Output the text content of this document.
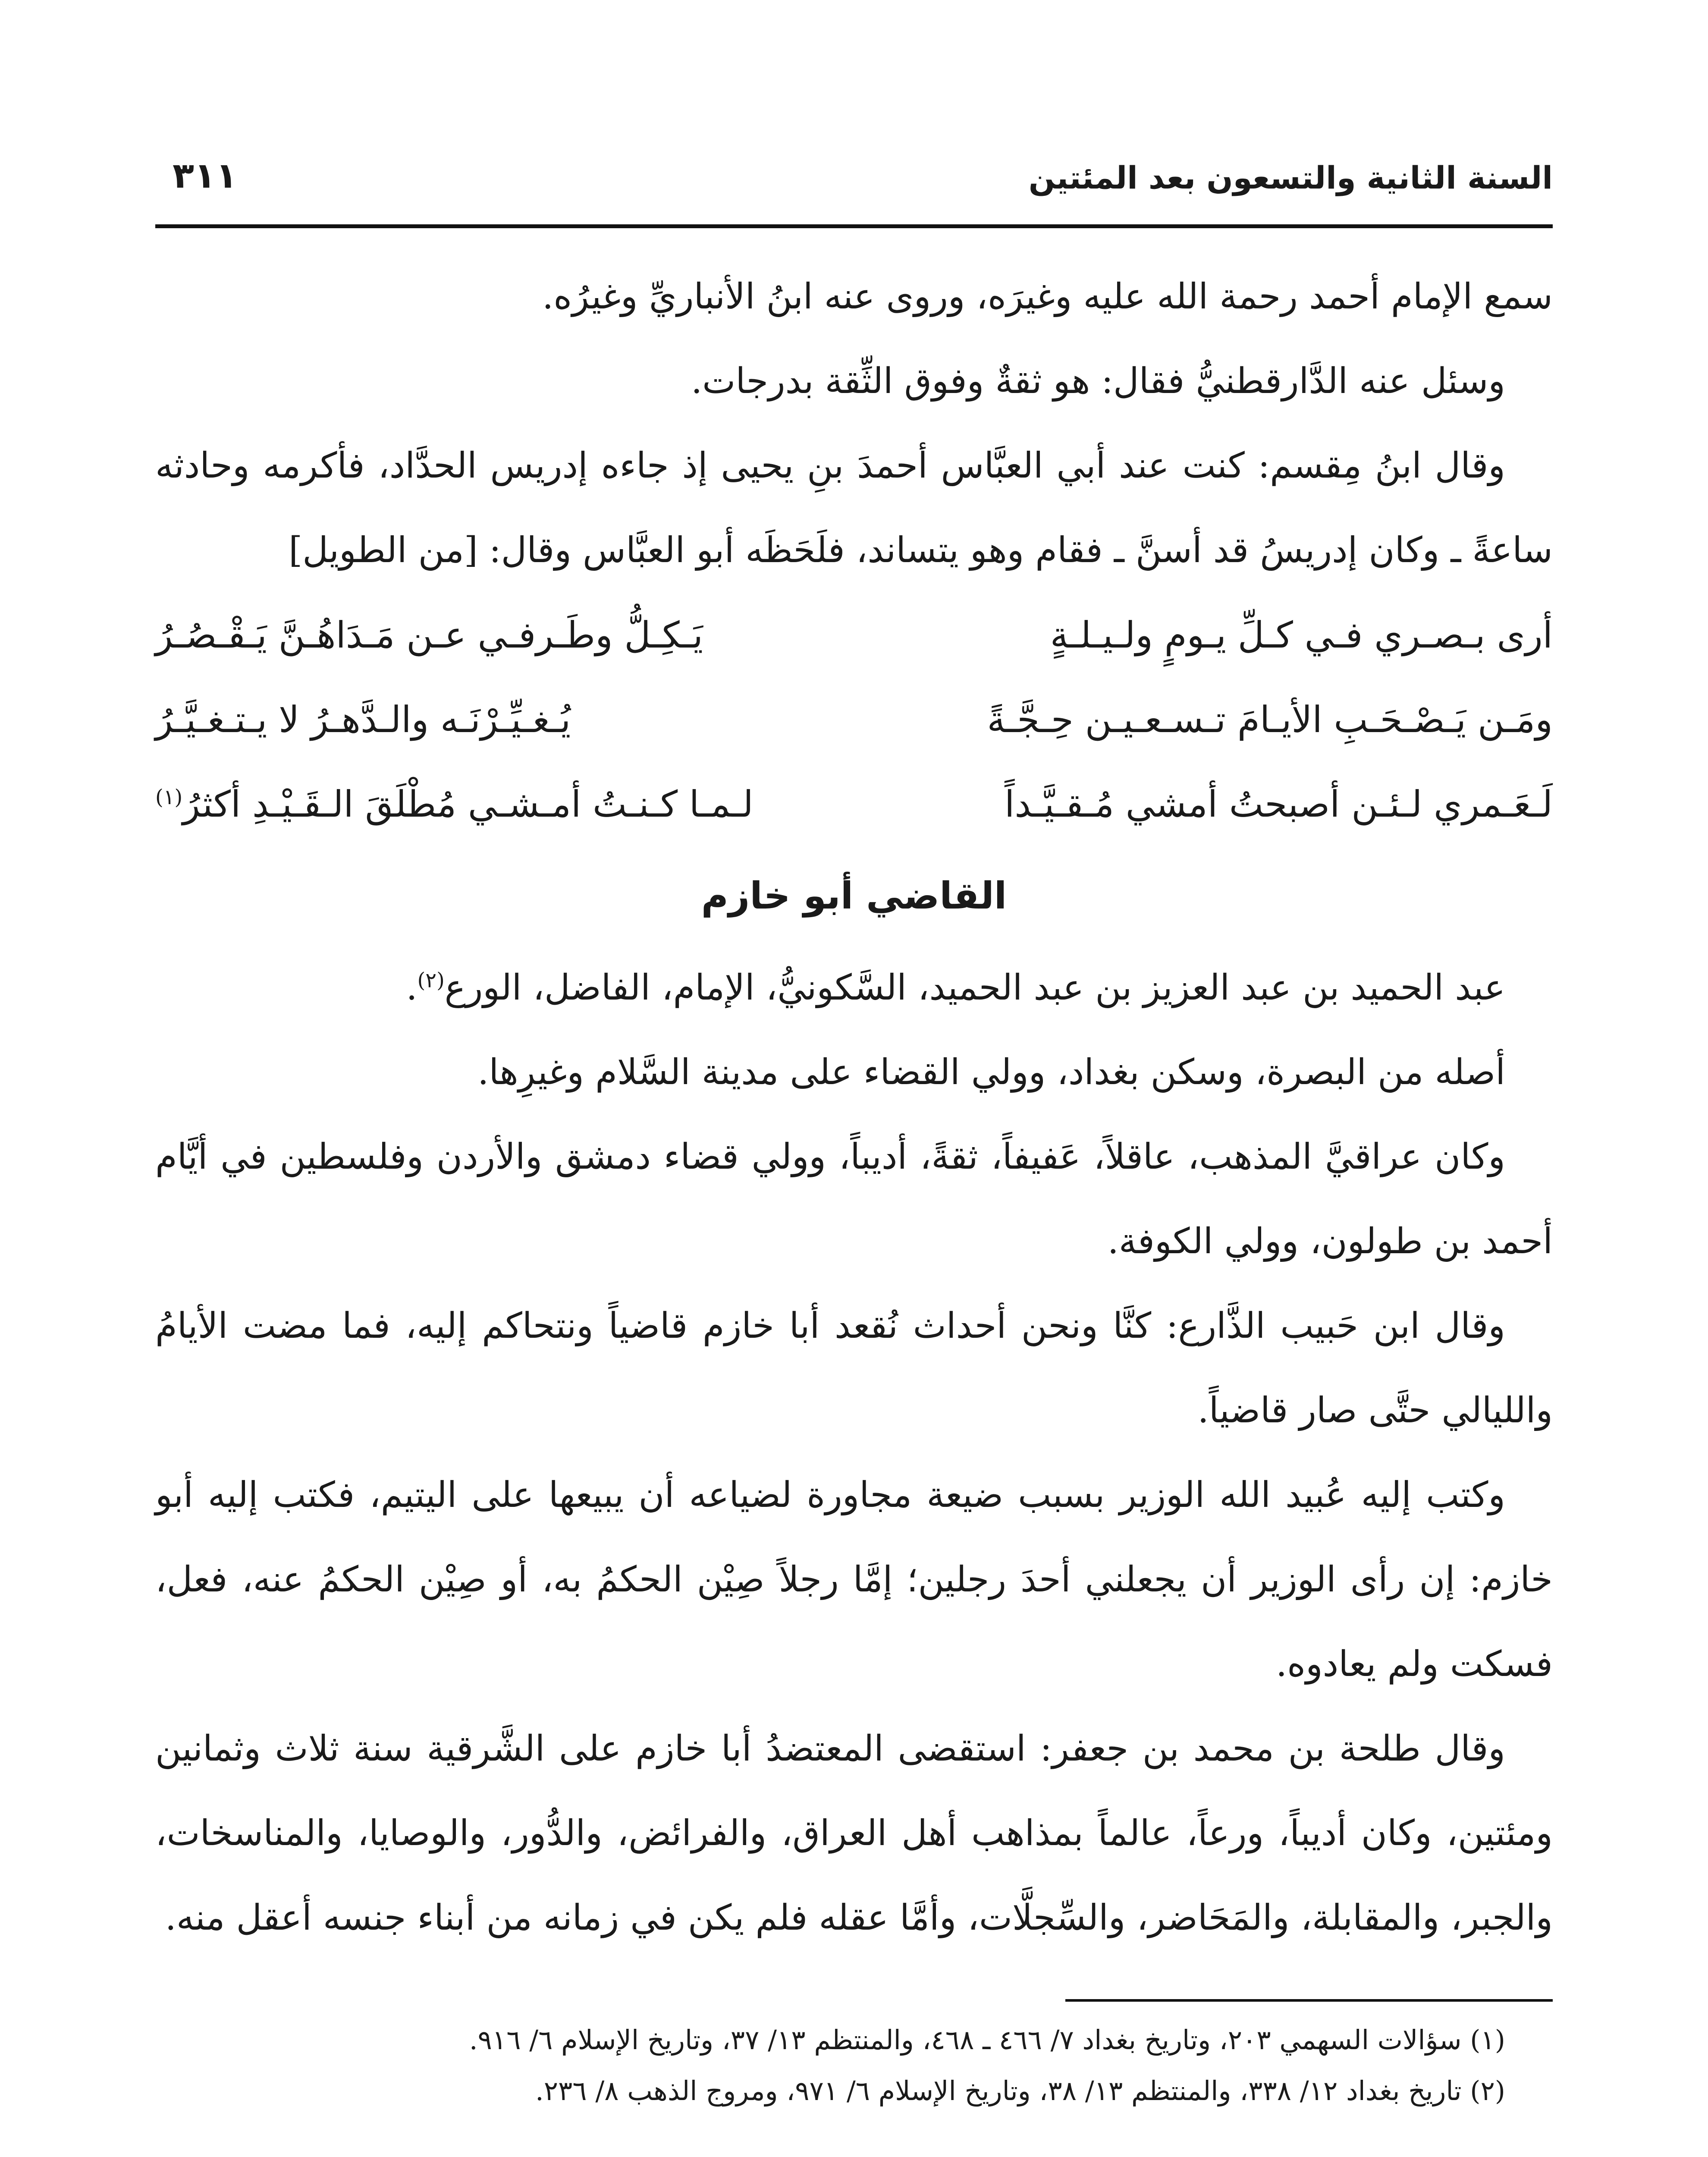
السنة الثانية والتسعون بعد المئتين
٣١١

سمع الإمام أحمد رحمة الله عليه وغيرَه، وروى عنه ابنُ الأنباريِّ وغيرُه.

وسئل عنه الدَّارقطنيُّ فقال: هو ثقةٌ وفوق الثِّقة بدرجات.

وقال ابنُ مِقسم: كنت عند أبي العبَّاس أحمدَ بنِ يحيى إذ جاءه إدريس الحدَّاد، فأكرمه وحادثه ساعةً ـ وكان إدريسُ قد أسنَّ ـ فقام وهو يتساند، فلَحَظَه أبو العبَّاس وقال: [من الطويل]

أرى بـصـري فـي كـلِّ يـومٍ ولـيـلـةٍ
يَـكِـلُّ وطَـرفـي عـن مَـدَاهُـنَّ يَـقْـصُـرُ
ومَـن يَـصْـحَـبِ الأيـامَ تـسـعـيـن حِـجَّـةً
يُـغـيِّـرْنَـه والـدَّهـرُ لا يـتـغـيَّـرُ
لَـعَـمري لـئـن أصبحتُ أمشي مُـقـيَّـداً
لـمـا كـنـتُ أمـشـي مُطْلَقَ الـقَـيْـدِ أكثرُ$^{(١)}$
القاضي أبو خازم

عبد الحميد بن عبد العزيز بن عبد الحميد، السَّكونيُّ، الإمام، الفاضل، الورع$^{(٢)}$.

أصله من البصرة، وسكن بغداد، وولي القضاء على مدينة السَّلام وغيرِها.

وكان عراقيَّ المذهب، عاقلاً، عَفيفاً، ثقةً، أديباً، وولي قضاء دمشق والأردن وفلسطين في أيَّام أحمد بن طولون، وولي الكوفة.

وقال ابن حَبيب الذَّارع: كنَّا ونحن أحداث نُقعد أبا خازم قاضياً ونتحاكم إليه، فما مضت الأيامُ والليالي حتَّى صار قاضياً.

وكتب إليه عُبيد الله الوزير بسبب ضيعة مجاورة لضياعه أن يبيعها على اليتيم، فكتب إليه أبو خازم: إن رأى الوزير أن يجعلني أحدَ رجلين؛ إمَّا رجلاً صِيْن الحكمُ به، أو صِيْن الحكمُ عنه، فعل، فسكت ولم يعادوه.

وقال طلحة بن محمد بن جعفر: استقضى المعتضدُ أبا خازم على الشَّرقية سنة ثلاث وثمانين ومئتين، وكان أديباً، ورعاً، عالماً بمذاهب أهل العراق، والفرائض، والدُّور، والوصايا، والمناسخات، والجبر، والمقابلة، والمَحَاضر، والسِّجلَّات، وأمَّا عقله فلم يكن في زمانه من أبناء جنسه أعقل منه.

(١) سؤالات السهمي ٢٠٣، وتاريخ بغداد ٧/ ٤٦٦ ـ ٤٦٨، والمنتظم ١٣/ ٣٧، وتاريخ الإسلام ٦/ ٩١٦.

(٢) تاريخ بغداد ١٢/ ٣٣٨، والمنتظم ١٣/ ٣٨، وتاريخ الإسلام ٦/ ٩٧١، ومروج الذهب ٨/ ٢٣٦.
